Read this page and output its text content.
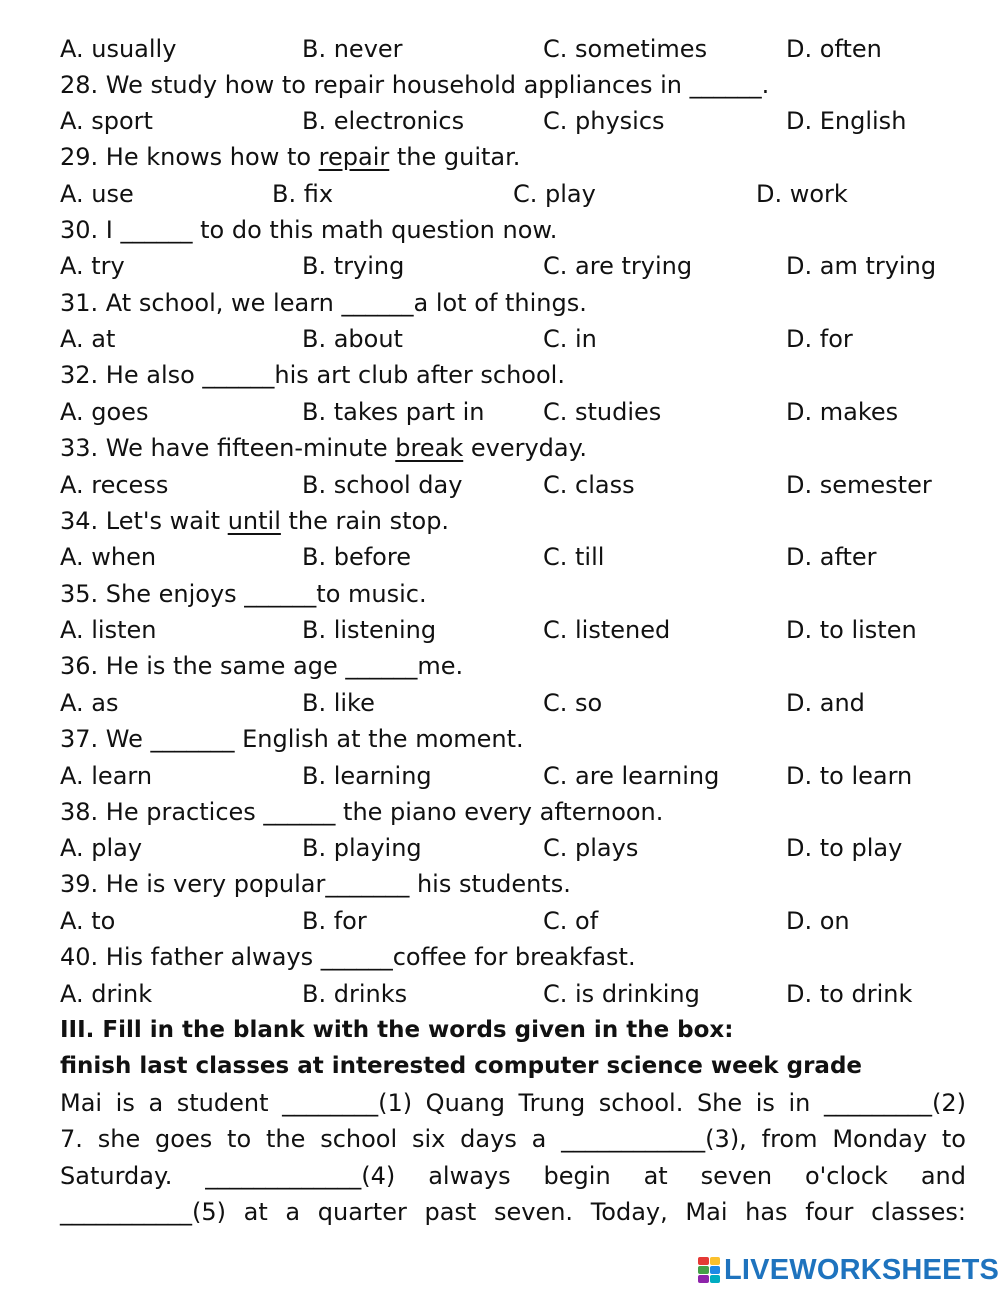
A. usually	B. never	C. sometimes	D. often
28. We study how to repair household appliances in ______.
A. sport	B. electronics	C. physics	D. English
29. He knows how to repair the guitar.
A. use	B. fix	C. play	D. work
30. I ______ to do this math question now.
A. try	B. trying	C. are trying	D. am trying
31. At school, we learn ______a lot of things.
A. at	B. about	C. in	D. for
32. He also ______his art club after school.
A. goes	B. takes part in C. studies	D. makes
33. We have fifteen-minute break everyday.
A. recess	B. school day	C. class	D. semester
34. Let's wait until the rain stop.
A. when	B. before	C. till	D. after
35. She enjoys ______to music.
A. listen	B. listening	C. listened	D. to listen
36. He is the same age ______me.
A. as	B. like	C. so	D. and
37. We _______ English at the moment.
A. learn	B. learning	C. are learning	D. to learn
38. He practices ______ the piano every afternoon.
A. play	B. playing	C. plays	D. to play
39. He is very popular_______ his students.
A. to	B. for	C. of	D. on
40. His father always ______coffee for breakfast.
A. drink	B. drinks	C. is drinking	D. to drink
III. Fill in the blank with the words given in the box:
finish last classes at interested computer science week grade
Mai is a student ________(1) Quang Trung school. She is in _________(2)
7. she goes to the school six days a ____________(3), from Monday to
Saturday. _____________(4) always begin at seven o'clock and
___________(5) at a quarter past seven. Today, Mai has four classes:
LIVEWORKSHEETS
